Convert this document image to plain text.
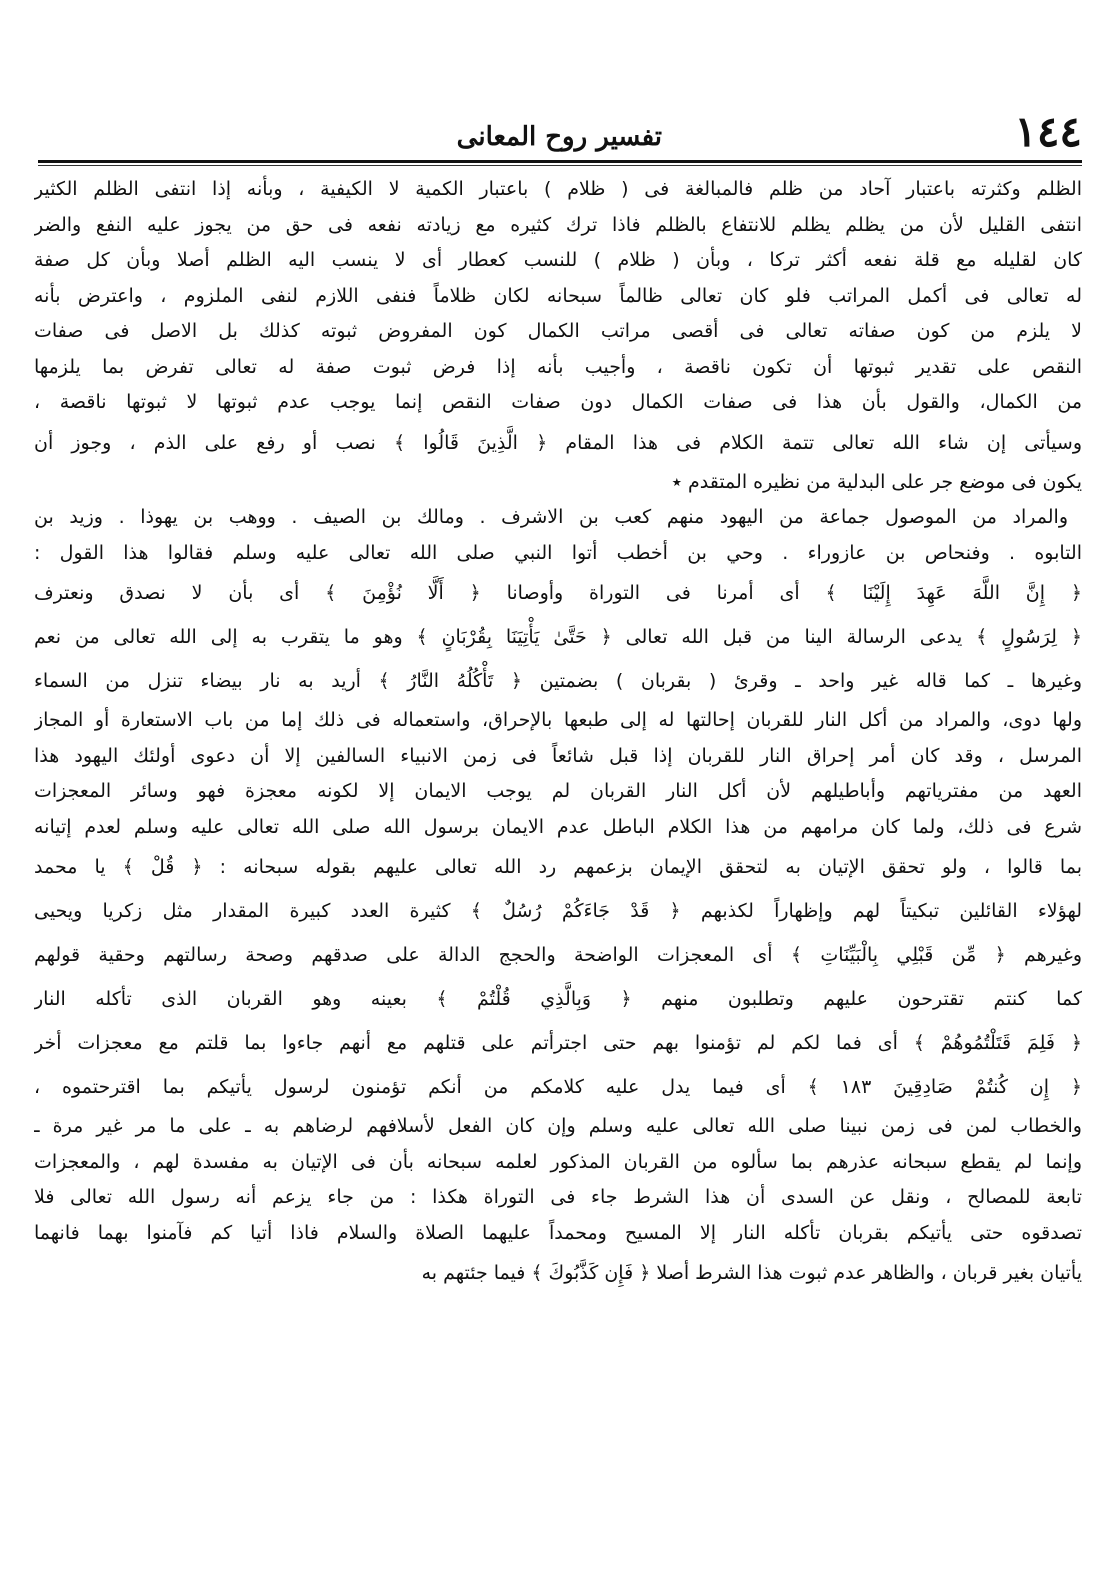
١٤٤
تفسير روح المعانى
الظلم وكثرته باعتبار آحاد من ظلم فالمبالغة فى ( ظلام ) باعتبار الكمية لا الكيفية ، وبأنه إذا انتفى الظلم الكثير
انتفى القليل لأن من يظلم يظلم للانتفاع بالظلم فاذا ترك كثيره مع زيادته نفعه فى حق من يجوز عليه النفع والضر
كان لقليله مع قلة نفعه أكثر تركا ، وبأن ( ظلام ) للنسب كعطار أى لا ينسب اليه الظلم أصلا وبأن كل صفة
له تعالى فى أكمل المراتب فلو كان تعالى ظالماً سبحانه لكان ظلاماً فنفى اللازم لنفى الملزوم ، واعترض بأنه
لا يلزم من كون صفاته تعالى فى أقصى مراتب الكمال كون المفروض ثبوته كذلك بل الاصل فى صفات
النقص على تقدير ثبوتها أن تكون ناقصة ، وأجيب بأنه إذا فرض ثبوت صفة له تعالى تفرض بما يلزمها
من الكمال، والقول بأن هذا فى صفات الكمال دون صفات النقص إنما يوجب عدم ثبوتها لا ثبوتها ناقصة ،
وسيأتى إن شاء الله تعالى تتمة الكلام فى هذا المقام ﴿ الَّذِينَ قَالُوا ﴾ نصب أو رفع على الذم ، وجوز أن
يكون فى موضع جر على البدلية من نظيره المتقدم ٭
والمراد من الموصول جماعة من اليهود منهم كعب بن الاشرف . ومالك بن الصيف . ووهب بن يهوذا . وزيد بن
التابوه . وفنحاص بن عازوراء . وحي بن أخطب أتوا النبي صلى الله تعالى عليه وسلم فقالوا هذا القول :
﴿ إِنَّ اللَّهَ عَهِدَ إِلَيْنَا ﴾ أى أمرنا فى التوراة وأوصانا ﴿ أَلَّا نُؤْمِنَ ﴾ أى بأن لا نصدق ونعترف
﴿ لِرَسُولٍ ﴾ يدعى الرسالة الينا من قبل الله تعالى ﴿ حَتَّىٰ يَأْتِيَنَا بِقُرْبَانٍ ﴾ وهو ما يتقرب به إلى الله تعالى من نعم
وغيرها ـ كما قاله غير واحد ـ وقرئ ( بقربان ) بضمتين ﴿ تَأْكُلُهُ النَّارُ ﴾ أريد به نار بيضاء تنزل من السماء
ولها دوى، والمراد من أكل النار للقربان إحالتها له إلى طبعها بالإحراق، واستعماله فى ذلك إما من باب الاستعارة أو المجاز
المرسل ، وقد كان أمر إحراق النار للقربان إذا قبل شائعاً فى زمن الانبياء السالفين إلا أن دعوى أولئك اليهود هذا
العهد من مفترياتهم وأباطيلهم لأن أكل النار القربان لم يوجب الايمان إلا لكونه معجزة فهو وسائر المعجزات
شرع فى ذلك، ولما كان مرامهم من هذا الكلام الباطل عدم الايمان برسول الله صلى الله تعالى عليه وسلم لعدم إتيانه
بما قالوا ، ولو تحقق الإتيان به لتحقق الإيمان بزعمهم رد الله تعالى عليهم بقوله سبحانه : ﴿ قُلْ ﴾ يا محمد
لهؤلاء القائلين تبكيتاً لهم وإظهاراً لكذبهم ﴿ قَدْ جَاءَكُمْ رُسُلٌ ﴾ كثيرة العدد كبيرة المقدار مثل زكريا ويحيى
وغيرهم ﴿ مِّن قَبْلِي بِالْبَيِّنَاتِ ﴾ أى المعجزات الواضحة والحجج الدالة على صدقهم وصحة رسالتهم وحقية قولهم
كما كنتم تقترحون عليهم وتطلبون منهم ﴿ وَبِالَّذِي قُلْتُمْ ﴾ بعينه وهو القربان الذى تأكله النار
﴿ فَلِمَ قَتَلْتُمُوهُمْ ﴾ أى فما لكم لم تؤمنوا بهم حتى اجترأتم على قتلهم مع أنهم جاءوا بما قلتم مع معجزات أخر
﴿ إِن كُنتُمْ صَادِقِينَ ١٨٣ ﴾ أى فيما يدل عليه كلامكم من أنكم تؤمنون لرسول يأتيكم بما اقترحتموه ،
والخطاب لمن فى زمن نبينا صلى الله تعالى عليه وسلم وإن كان الفعل لأسلافهم لرضاهم به ـ على ما مر غير مرة ـ
وإنما لم يقطع سبحانه عذرهم بما سألوه من القربان المذكور لعلمه سبحانه بأن فى الإتيان به مفسدة لهم ، والمعجزات
تابعة للمصالح ، ونقل عن السدى أن هذا الشرط جاء فى التوراة هكذا : من جاء يزعم أنه رسول الله تعالى فلا
تصدقوه حتى يأتيكم بقربان تأكله النار إلا المسيح ومحمداً عليهما الصلاة والسلام فاذا أتيا كم فآمنوا بهما فانهما
يأتيان بغير قربان ، والظاهر عدم ثبوت هذا الشرط أصلا ﴿ فَإِن كَذَّبُوكَ ﴾ فيما جئتهم به
